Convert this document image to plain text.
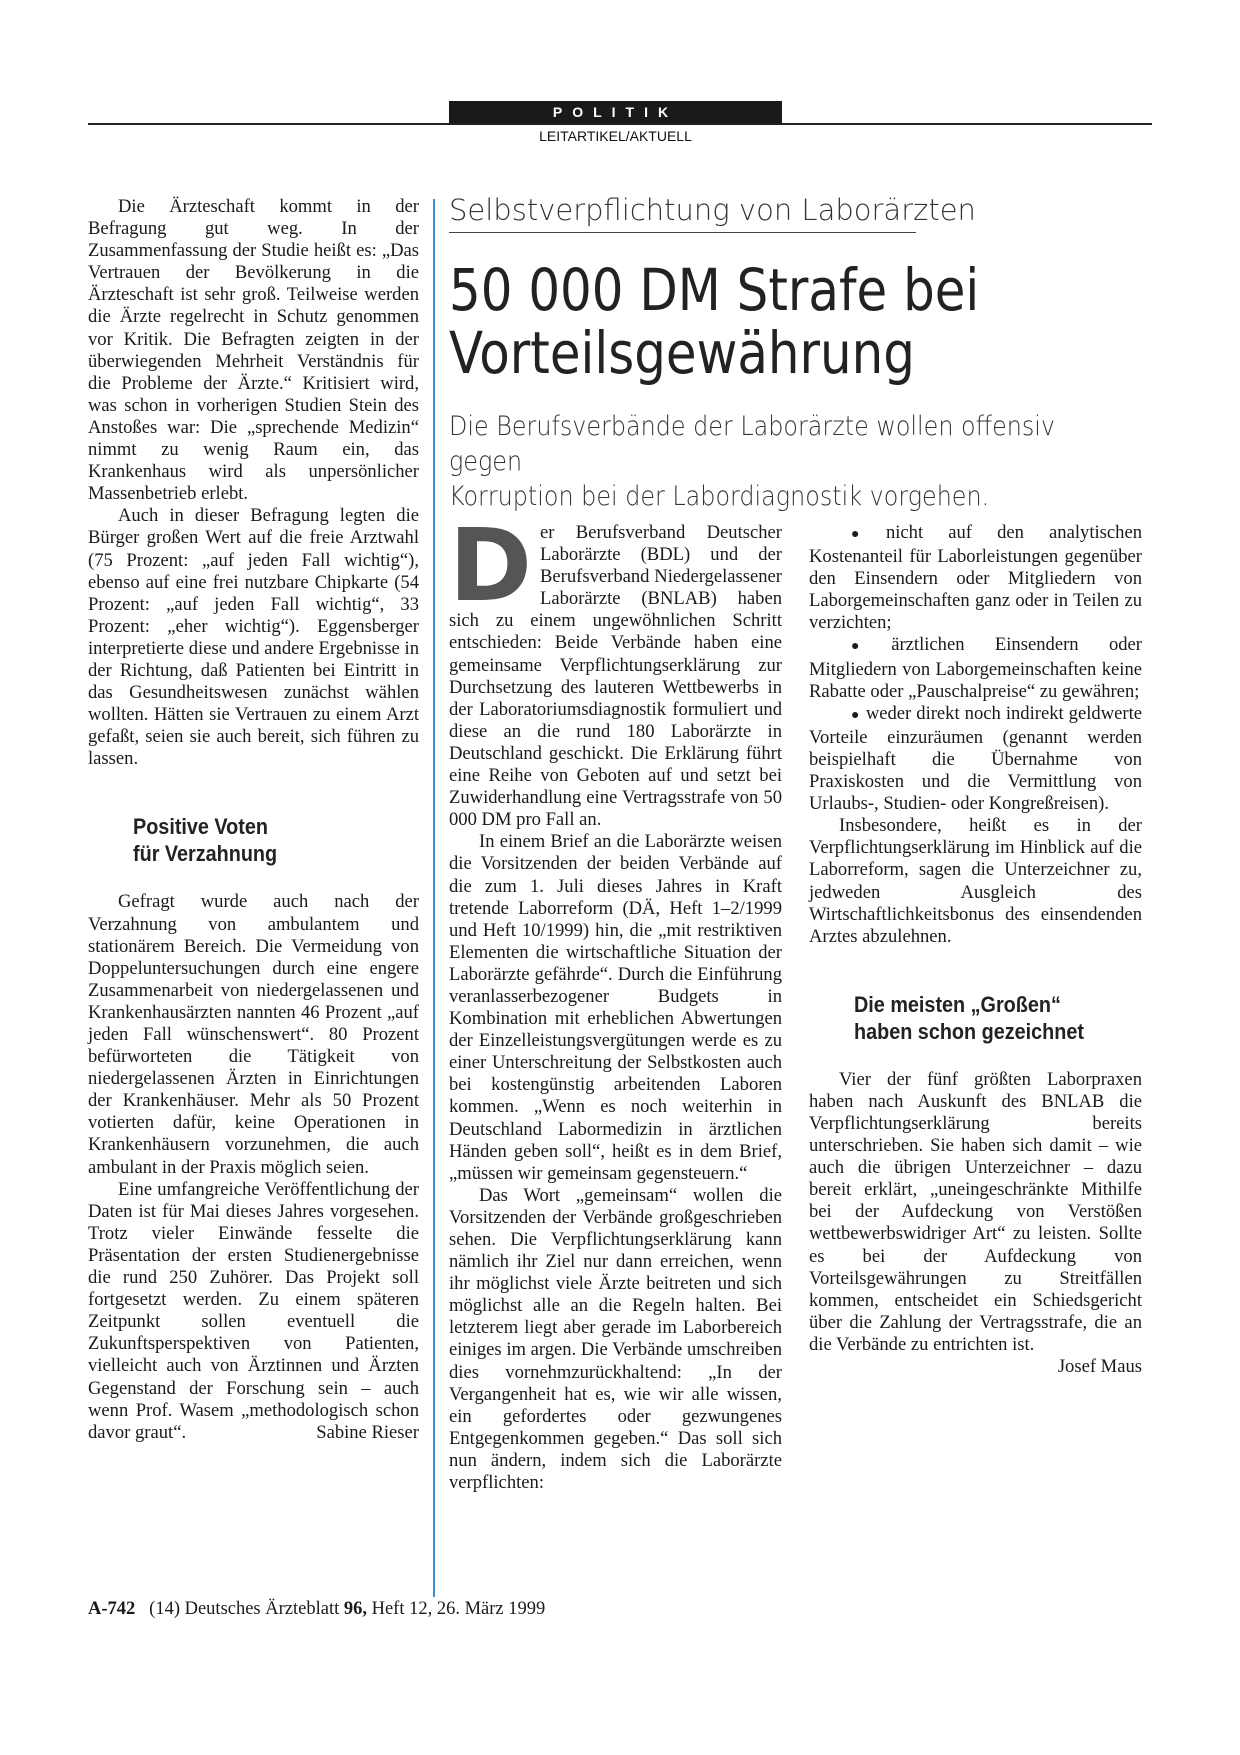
POLITIK
LEITARTIKEL/AKTUELL

Die Ärzteschaft kommt in der Befragung gut weg. In der Zusammenfassung der Studie heißt es: „Das Vertrauen der Bevölkerung in die Ärzteschaft ist sehr groß. Teilweise werden die Ärzte regelrecht in Schutz genommen vor Kritik. Die Befragten zeigten in der überwiegenden Mehrheit Verständnis für die Probleme der Ärzte.“ Kritisiert wird, was schon in vorherigen Studien Stein des Anstoßes war: Die „sprechende Medizin“ nimmt zu wenig Raum ein, das Krankenhaus wird als unpersönlicher Massenbetrieb erlebt.

Auch in dieser Befragung legten die Bürger großen Wert auf die freie Arztwahl (75 Prozent: „auf jeden Fall wichtig“), ebenso auf eine frei nutzbare Chipkarte (54 Prozent: „auf jeden Fall wichtig“, 33 Prozent: „eher wichtig“). Eggensberger interpretierte diese und andere Ergebnisse in der Richtung, daß Patienten bei Eintritt in das Gesundheitswesen zunächst wählen wollten. Hätten sie Vertrauen zu einem Arzt gefaßt, seien sie auch bereit, sich führen zu lassen.

Positive Voten
für Verzahnung

Gefragt wurde auch nach der Verzahnung von ambulantem und stationärem Bereich. Die Vermeidung von Doppeluntersuchungen durch eine engere Zusammenarbeit von niedergelassenen und Krankenhausärzten nannten 46 Prozent „auf jeden Fall wünschenswert“. 80 Prozent befürworteten die Tätigkeit von niedergelassenen Ärzten in Einrichtungen der Krankenhäuser. Mehr als 50 Prozent votierten dafür, keine Operationen in Krankenhäusern vorzunehmen, die auch ambulant in der Praxis möglich seien.

Eine umfangreiche Veröffentlichung der Daten ist für Mai dieses Jahres vorgesehen. Trotz vieler Einwände fesselte die Präsentation der ersten Studienergebnisse die rund 250 Zuhörer. Das Projekt soll fortgesetzt werden. Zu einem späteren Zeitpunkt sollen eventuell die Zukunftsperspektiven von Patienten, vielleicht auch von Ärztinnen und Ärzten Gegenstand der Forschung sein – auch wenn Prof. Wasem „methodologisch schon davor graut“.	Sabine Rieser

Selbstverpflichtung von Laborärzten
50 000 DM Strafe bei
Vorteilsgewährung
Die Berufsverbände der Laborärzte wollen offensiv gegen
Korruption bei der Labordiagnostik vorgehen.

Der Berufsverband Deutscher Laborärzte (BDL) und der Berufsverband Niedergelassener Laborärzte (BNLAB) haben sich zu einem ungewöhnlichen Schritt entschieden: Beide Verbände haben eine gemeinsame Verpflichtungserklärung zur Durchsetzung des lauteren Wettbewerbs in der Laboratoriumsdiagnostik formuliert und diese an die rund 180 Laborärzte in Deutschland geschickt. Die Erklärung führt eine Reihe von Geboten auf und setzt bei Zuwiderhandlung eine Vertragsstrafe von 50 000 DM pro Fall an.

In einem Brief an die Laborärzte weisen die Vorsitzenden der beiden Verbände auf die zum 1. Juli dieses Jahres in Kraft tretende Laborreform (DÄ, Heft 1–2/1999 und Heft 10/1999) hin, die „mit restriktiven Elementen die wirtschaftliche Situation der Laborärzte gefährde“. Durch die Einführung veranlasserbezogener Budgets in Kombination mit erheblichen Abwertungen der Einzelleistungsvergütungen werde es zu einer Unterschreitung der Selbstkosten auch bei kostengünstig arbeitenden Laboren kommen. „Wenn es noch weiterhin in Deutschland Labormedizin in ärztlichen Händen geben soll“, heißt es in dem Brief, „müssen wir gemeinsam gegensteuern.“

Das Wort „gemeinsam“ wollen die Vorsitzenden der Verbände großgeschrieben sehen. Die Verpflichtungserklärung kann nämlich ihr Ziel nur dann erreichen, wenn ihr möglichst viele Ärzte beitreten und sich möglichst alle an die Regeln halten. Bei letzterem liegt aber gerade im Laborbereich einiges im argen. Die Verbände umschreiben dies vornehmzurückhaltend: „In der Vergangenheit hat es, wie wir alle wissen, ein gefordertes oder gezwungenes Entgegenkommen gegeben.“ Das soll sich nun ändern, indem sich die Laborärzte verpflichten:

● nicht auf den analytischen Kostenanteil für Laborleistungen gegenüber den Einsendern oder Mitgliedern von Laborgemeinschaften ganz oder in Teilen zu verzichten;

● ärztlichen Einsendern oder Mitgliedern von Laborgemeinschaften keine Rabatte oder „Pauschalpreise“ zu gewähren;

● weder direkt noch indirekt geldwerte Vorteile einzuräumen (genannt werden beispielhaft die Übernahme von Praxiskosten und die Vermittlung von Urlaubs-, Studien- oder Kongreßreisen).

Insbesondere, heißt es in der Verpflichtungserklärung im Hinblick auf die Laborreform, sagen die Unterzeichner zu, jedweden Ausgleich des Wirtschaftlichkeitsbonus des einsendenden Arztes abzulehnen.

Die meisten „Großen“
haben schon gezeichnet

Vier der fünf größten Laborpraxen haben nach Auskunft des BNLAB die Verpflichtungserklärung bereits unterschrieben. Sie haben sich damit – wie auch die übrigen Unterzeichner – dazu bereit erklärt, „uneingeschränkte Mithilfe bei der Aufdeckung von Verstößen wettbewerbswidriger Art“ zu leisten. Sollte es bei der Aufdeckung von Vorteilsgewährungen zu Streitfällen kommen, entscheidet ein Schiedsgericht über die Zahlung der Vertragsstrafe, die an die Verbände zu entrichten ist.
Josef Maus

A-742 (14) Deutsches Ärzteblatt 96, Heft 12, 26. März 1999
